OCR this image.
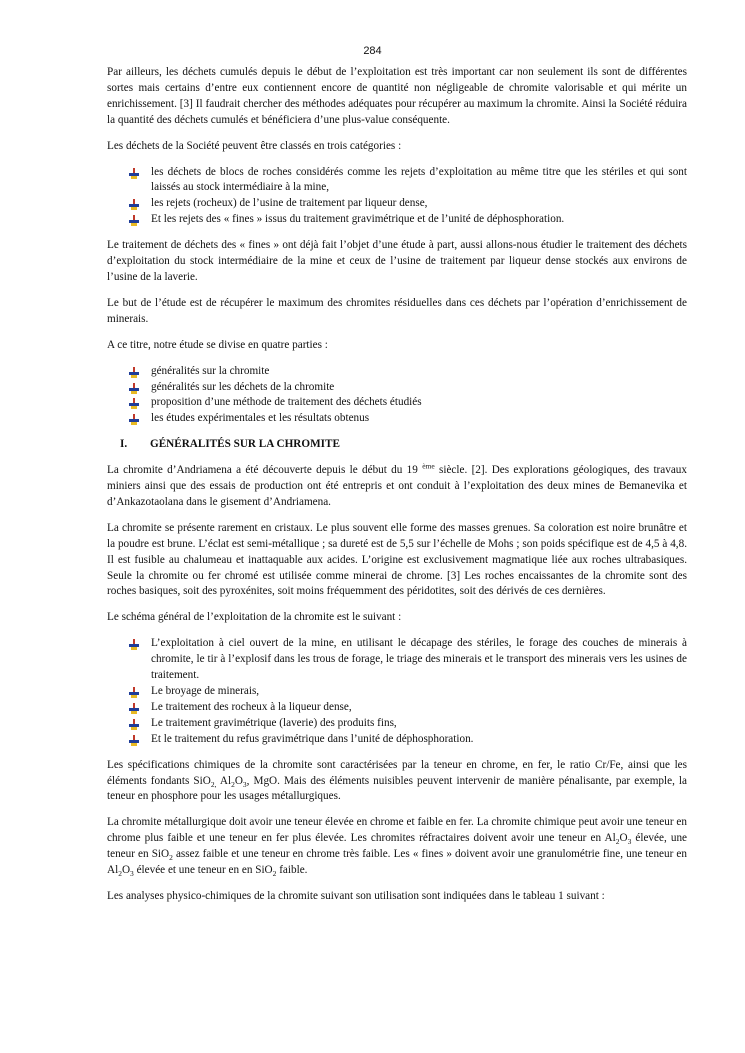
284

Par ailleurs, les déchets cumulés depuis le début de l’exploitation est très important car non seulement ils sont de différentes sortes mais certains d’entre eux contiennent encore de quantité non négligeable de chromite valorisable et qui mérite un enrichissement. [3] Il faudrait chercher des méthodes adéquates pour récupérer au maximum la chromite. Ainsi la Société réduira la quantité des déchets cumulés et bénéficiera d’une plus-value conséquente.

Les déchets de la Société peuvent être classés en trois catégories :

les déchets de blocs de roches considérés comme les rejets d’exploitation au même titre que les stériles et qui sont laissés au stock intermédiaire à la mine,
les rejets (rocheux) de l’usine de traitement par liqueur dense,
Et les rejets des « fines » issus du traitement gravimétrique et de l’unité de déphosphoration.

Le traitement de déchets des « fines » ont déjà fait l’objet d’une étude à part, aussi allons-nous étudier le traitement des déchets d’exploitation du stock intermédiaire de la mine et ceux de l’usine de traitement par liqueur dense stockés aux environs de l’usine de la laverie.

Le but de l’étude est de récupérer le maximum des chromites résiduelles dans ces déchets par l’opération d’enrichissement de minerais.

A ce titre, notre étude se divise en quatre parties :

généralités sur la chromite
généralités sur les déchets de la chromite
proposition d’une méthode de traitement des déchets étudiés
les études expérimentales et les résultats obtenus
I. GÉNÉRALITÉS SUR LA CHROMITE

La chromite d’Andriamena a été découverte depuis le début du 19 $^{ème}$ siècle. [2]. Des explorations géologiques, des travaux miniers ainsi que des essais de production ont été entrepris et ont conduit à l’exploitation des deux mines de Bemanevika et d’Ankazotaolana dans le gisement d’Andriamena.

La chromite se présente rarement en cristaux. Le plus souvent elle forme des masses grenues. Sa coloration est noire brunâtre et la poudre est brune. L’éclat est semi-métallique ; sa dureté est de 5,5 sur l’échelle de Mohs ; son poids spécifique est de 4,5 à 4,8. Il est fusible au chalumeau et inattaquable aux acides. L’origine est exclusivement magmatique liée aux roches ultrabasiques. Seule la chromite ou fer chromé est utilisée comme minerai de chrome. [3] Les roches encaissantes de la chromite sont des roches basiques, soit des pyroxénites, soit moins fréquemment des péridotites, soit des dérivés de ces dernières.

Le schéma général de l’exploitation de la chromite est le suivant :

L’exploitation à ciel ouvert de la mine, en utilisant le décapage des stériles, le forage des couches de minerais à chromite, le tir à l’explosif dans les trous de forage, le triage des minerais et le transport des minerais vers les usines de traitement.
Le broyage de minerais,
Le traitement des rocheux à la liqueur dense,
Le traitement gravimétrique (laverie) des produits fins,
Et le traitement du refus gravimétrique dans l’unité de déphosphoration.

Les spécifications chimiques de la chromite sont caractérisées par la teneur en chrome, en fer, le ratio Cr/Fe, ainsi que les éléments fondants SiO$_{2,}$ $Al_2O_3$, MgO. Mais des éléments nuisibles peuvent intervenir de manière pénalisante, par exemple, la teneur en phosphore pour les usages métallurgiques.

La chromite métallurgique doit avoir une teneur élevée en chrome et faible en fer. La chromite chimique peut avoir une teneur en chrome plus faible et une teneur en fer plus élevée. Les chromites réfractaires doivent avoir une teneur en $Al_2O_3$ élevée, une teneur en SiO$_2$ assez faible et une teneur en chrome très faible. Les « fines » doivent avoir une granulométrie fine, une teneur en $Al_2O_3$ élevée et une teneur en en SiO$_2$ faible.

Les analyses physico-chimiques de la chromite suivant son utilisation sont indiquées dans le tableau 1 suivant :
